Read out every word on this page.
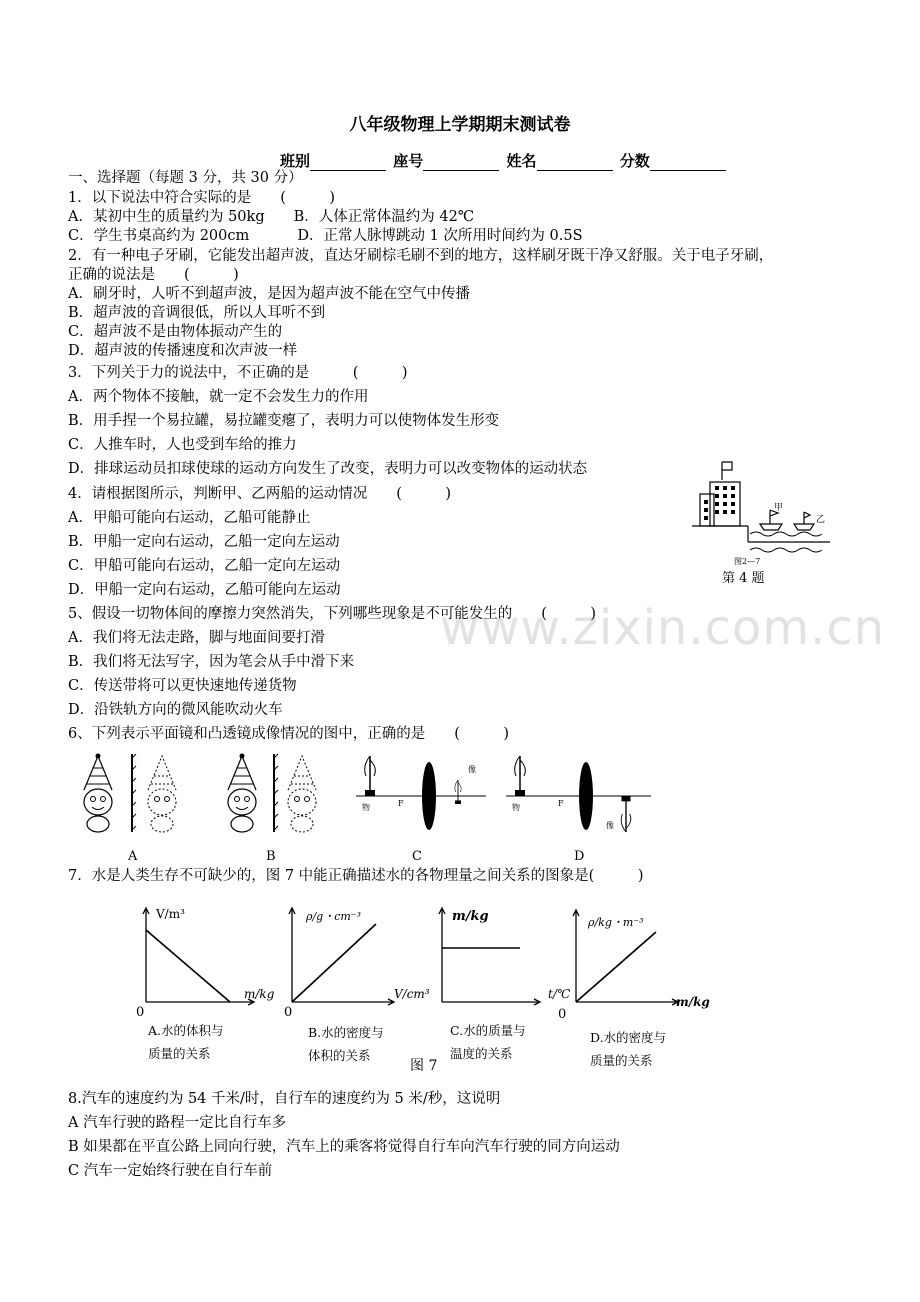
www.zixin.com.cn
八年级物理上学期期末测试卷
班别	座号	姓名	分数
一、选择题（每题 3 分，共 30 分）
1．以下说法中符合实际的是　　(　　　)
A．某初中生的质量约为 50kg　　B．人体正常体温约为 42℃
C．学生书桌高约为 200cm　　　 D．正常人脉博跳动 1 次所用时间约为 0.5S
2．有一种电子牙刷，它能发出超声波，直达牙刷棕毛刷不到的地方，这样刷牙既干净又舒服。关于电子牙刷，
正确的说法是　　(　　　)
A．刷牙时，人听不到超声波，是因为超声波不能在空气中传播
B．超声波的音调很低，所以人耳听不到
C．超声波不是由物体振动产生的
D．超声波的传播速度和次声波一样
3．下列关于力的说法中，不正确的是　　　(　　　)
A．两个物体不接触，就一定不会发生力的作用
B．用手捏一个易拉罐，易拉罐变瘪了，表明力可以使物体发生形变
C．人推车时，人也受到车给的推力
D．排球运动员扣球使球的运动方向发生了改变，表明力可以改变物体的运动状态
4．请根据图所示，判断甲、乙两船的运动情况　　(　　　)
A．甲船可能向右运动，乙船可能静止
B．甲船一定向右运动，乙船一定向左运动
C．甲船可能向右运动，乙船一定向左运动
D．甲船一定向右运动，乙船可能向左运动
甲
乙
图2—7
第 4 题
5、假设一切物体间的摩擦力突然消失，下列哪些现象是不可能发生的　　(　　　)
A．我们将无法走路，脚与地面间要打滑
B．我们将无法写字，因为笔会从手中滑下来
C．传送带将可以更快速地传递货物
D．沿铁轨方向的微风能吹动火车
6、下列表示平面镜和凸透镜成像情况的图中，正确的是　　(　　　)
物	F
像
物	F
像
A	B	C	D
7．水是人类生存不可缺少的，图 7 中能正确描述水的各物理量之间关系的图象是(　　　)
V/m³
m/kg
0
ρ/g・cm⁻³
V/cm³
0
m/kg
t/℃
ρ/kg・m⁻³
m/kg
0
A.水的体积与
质量的关系
B.水的密度与
体积的关系
C.水的质量与
温度的关系
D.水的密度与
质量的关系
图 7
8.汽车的速度约为 54 千米/时，自行车的速度约为 5 米/秒，这说明
A 汽车行驶的路程一定比自行车多
B 如果都在平直公路上同向行驶，汽车上的乘客将觉得自行车向汽车行驶的同方向运动
C 汽车一定始终行驶在自行车前
